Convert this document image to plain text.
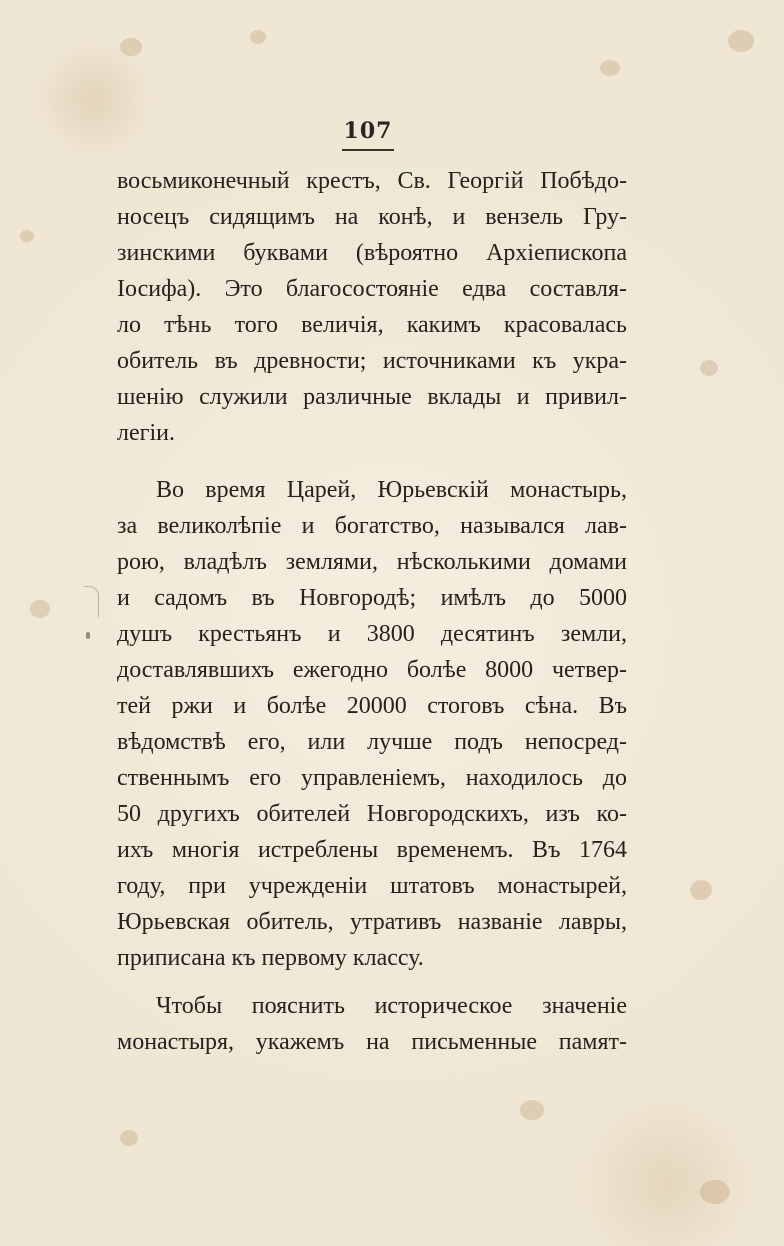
107
восьмиконечный крестъ, Св. Георгій Побѣдо-
носецъ сидящимъ на конѣ, и вензель Гру-
зинскими буквами (вѣроятно Архіепископа
Іосифа). Это благосостояніе едва составля-
ло тѣнь того величія, какимъ красовалась
обитель въ древности; источниками къ укра-
шенію служили различные вклады и привил-
легіи.
Во время Царей, Юрьевскій монастырь,
за великолѣпіе и богатство, назывался лав-
рою, владѣлъ землями, нѣсколькими домами
и садомъ въ Новгородѣ; имѣлъ до 5000
душъ крестьянъ и 3800 десятинъ земли,
доставлявшихъ ежегодно болѣе 8000 четвер-
тей ржи и болѣе 20000 стоговъ сѣна. Въ
вѣдомствѣ его, или лучше подъ непосред-
ственнымъ его управленіемъ, находилось до
50 другихъ обителей Новгородскихъ, изъ ко-
ихъ многія истреблены временемъ. Въ 1764
году, при учрежденіи штатовъ монастырей,
Юрьевская обитель, утративъ названіе лавры,
приписана къ первому классу.
Чтобы пояснить историческое значеніе
монастыря, укажемъ на письменные памят-
